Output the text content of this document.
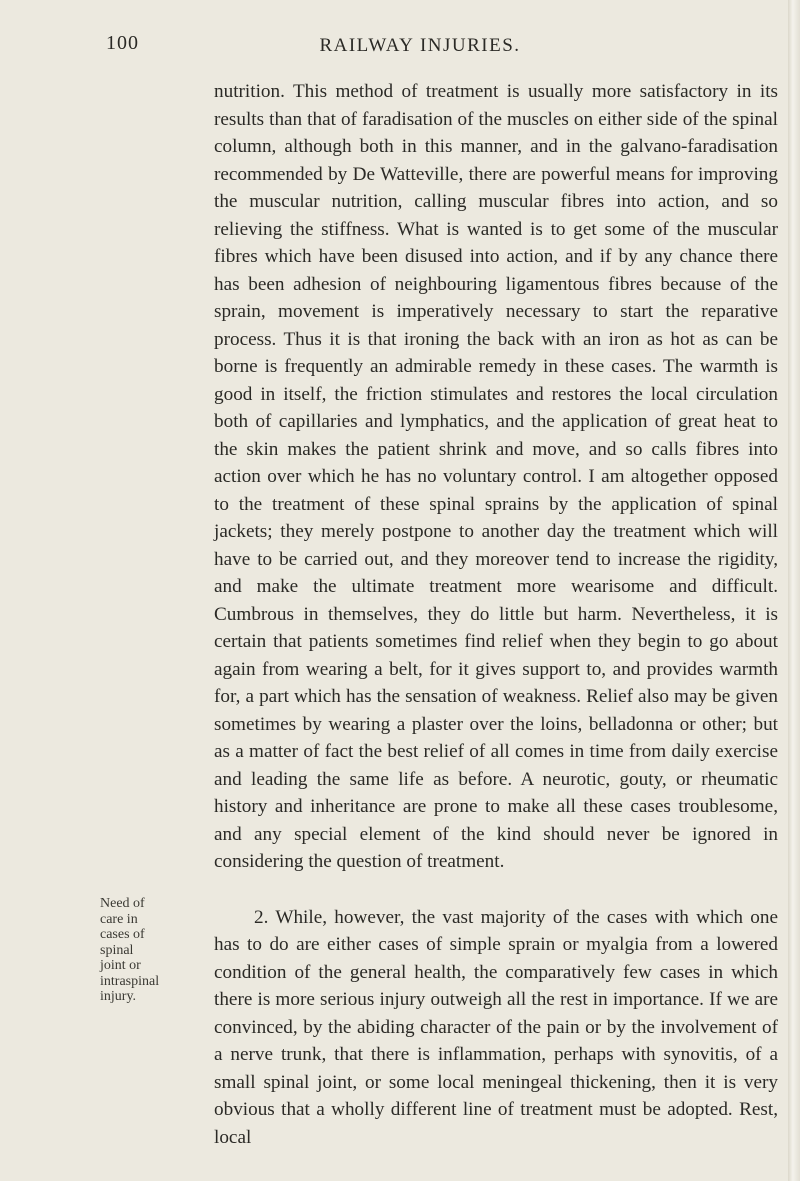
100	RAILWAY INJURIES.

nutrition. This method of treatment is usually more satisfactory in its results than that of faradisation of the muscles on either side of the spinal column, although both in this manner, and in the galvano-faradisation recommended by De Watteville, there are powerful means for improving the muscular nutrition, calling muscular fibres into action, and so relieving the stiffness. What is wanted is to get some of the muscular fibres which have been disused into action, and if by any chance there has been adhesion of neighbouring ligamentous fibres because of the sprain, movement is imperatively necessary to start the reparative process. Thus it is that ironing the back with an iron as hot as can be borne is frequently an admirable remedy in these cases. The warmth is good in itself, the friction stimulates and restores the local circulation both of capillaries and lymphatics, and the application of great heat to the skin makes the patient shrink and move, and so calls fibres into action over which he has no voluntary control. I am altogether opposed to the treatment of these spinal sprains by the application of spinal jackets; they merely postpone to another day the treatment which will have to be carried out, and they moreover tend to increase the rigidity, and make the ultimate treatment more wearisome and difficult. Cumbrous in themselves, they do little but harm. Nevertheless, it is certain that patients sometimes find relief when they begin to go about again from wearing a belt, for it gives support to, and provides warmth for, a part which has the sensation of weakness. Relief also may be given sometimes by wearing a plaster over the loins, belladonna or other; but as a matter of fact the best relief of all comes in time from daily exercise and leading the same life as before. A neurotic, gouty, or rheumatic history and inheritance are prone to make all these cases troublesome, and any special element of the kind should never be ignored in considering the question of treatment.

2. While, however, the vast majority of the cases with which one has to do are either cases of simple sprain or myalgia from a lowered condition of the general health, the comparatively few cases in which there is more serious injury outweigh all the rest in importance. If we are convinced, by the abiding character of the pain or by the involvement of a nerve trunk, that there is inflammation, perhaps with synovitis, of a small spinal joint, or some local meningeal thickening, then it is very obvious that a wholly different line of treatment must be adopted. Rest, local

Need of
care in
cases of
spinal
joint or
intraspinal
injury.
